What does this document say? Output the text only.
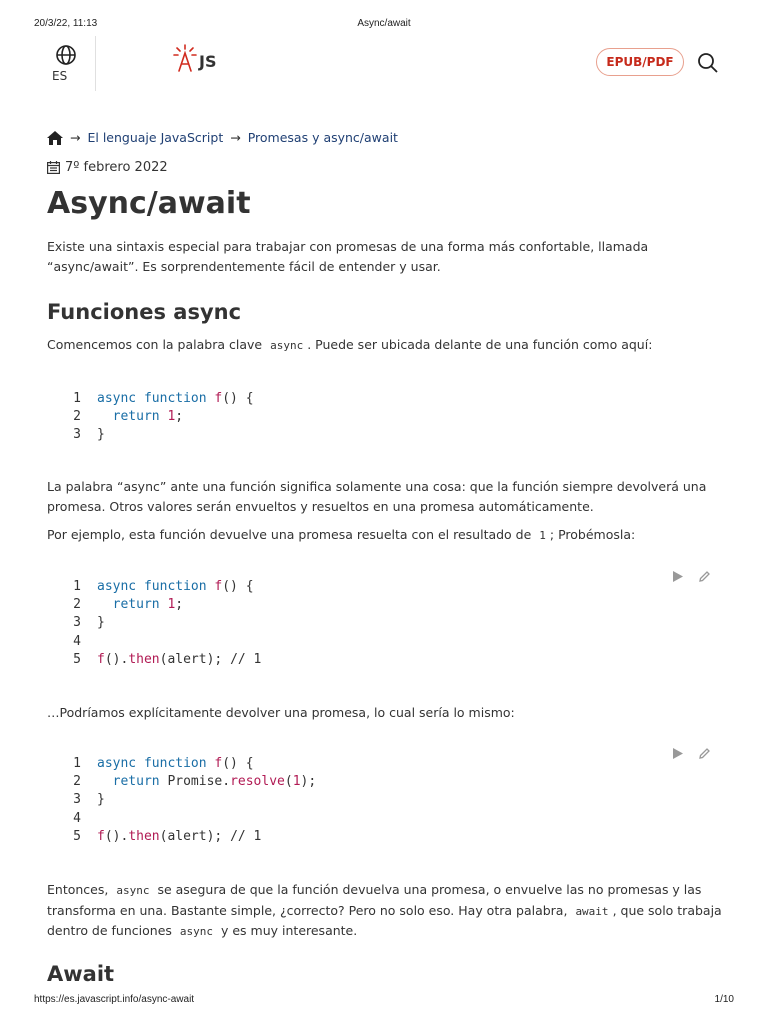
20/3/22, 11:13	Async/await
https://es.javascript.info/async-await	1/10
ES
JS	EPUB/PDF
→ El lenguaje JavaScript → Promesas y async/await
7º febrero 2022
Async/await

Existe una sintaxis especial para trabajar con promesas de una forma más confortable, llamada “async/await”. Es sorprendentemente fácil de entender y usar.

Funciones async

Comencemos con la palabra clave async . Puede ser ubicada delante de una función como aquí:

1 async function f() {
2	return 1;
3 }

La palabra “async” ante una función significa solamente una cosa: que la función siempre devolverá una promesa. Otros valores serán envueltos y resueltos en una promesa automáticamente.

Por ejemplo, esta función devuelve una promesa resuelta con el resultado de 1 ; Probémosla:

1 async function f() {
2	return 1;
3 }
4
5 f().then(alert); // 1

…Podríamos explícitamente devolver una promesa, lo cual sería lo mismo:

1 async function f() {
2	return Promise.resolve(1);
3 }
4
5 f().then(alert); // 1

Entonces, async se asegura de que la función devuelva una promesa, o envuelve las no promesas y las transforma en una. Bastante simple, ¿correcto? Pero no solo eso. Hay otra palabra, await , que solo trabaja dentro de funciones async y es muy interesante.

Await
